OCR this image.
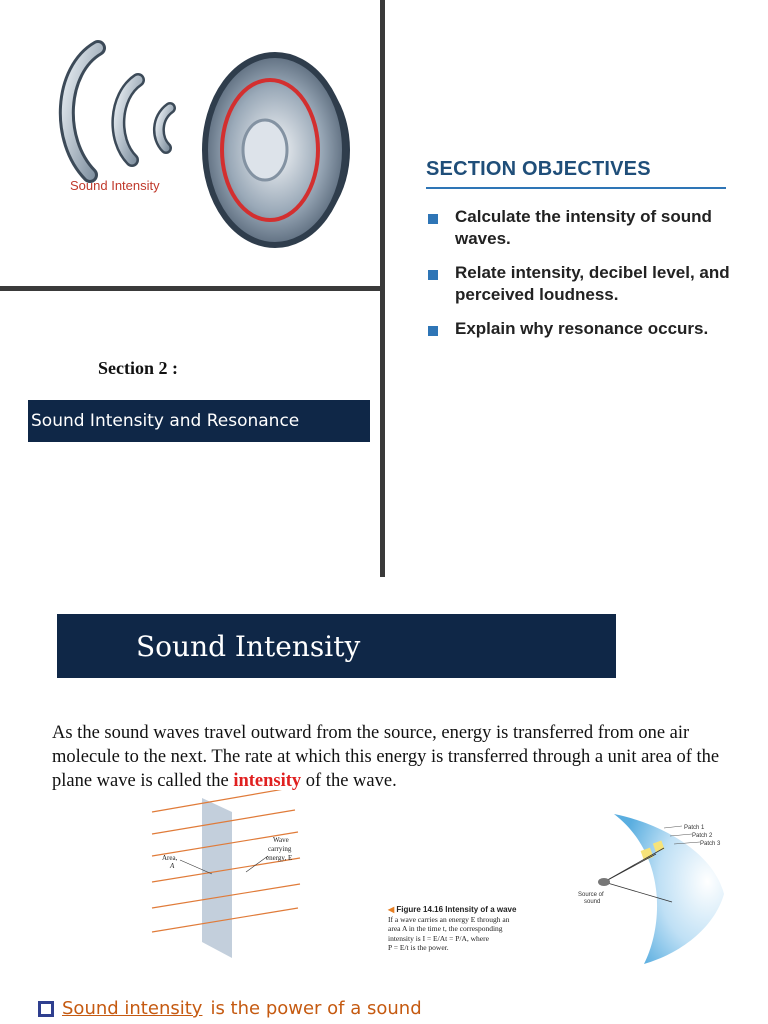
Sound Intensity
SECTION OBJECTIVES
Calculate the intensity of sound waves.
Relate intensity, decibel level, and perceived loudness.
Explain why resonance occurs.
Section 2 :
Sound Intensity and Resonance
Sound Intensity

As the sound waves travel outward from the source, energy is transferred from one air molecule to the next. The rate at which this energy is transferred through a unit area of the plane wave is called the intensity of the wave.

Area,
A
Wave
carrying
energy, E
◀ Figure 14.16 Intensity of a wave
If a wave carries an energy E through an
area A in the time t, the corresponding
intensity is I = E/At = P/A, where
P = E/t is the power.
Patch 1
Patch 2
Patch 3
Source of
sound
Sound intensity is the power of a sound
